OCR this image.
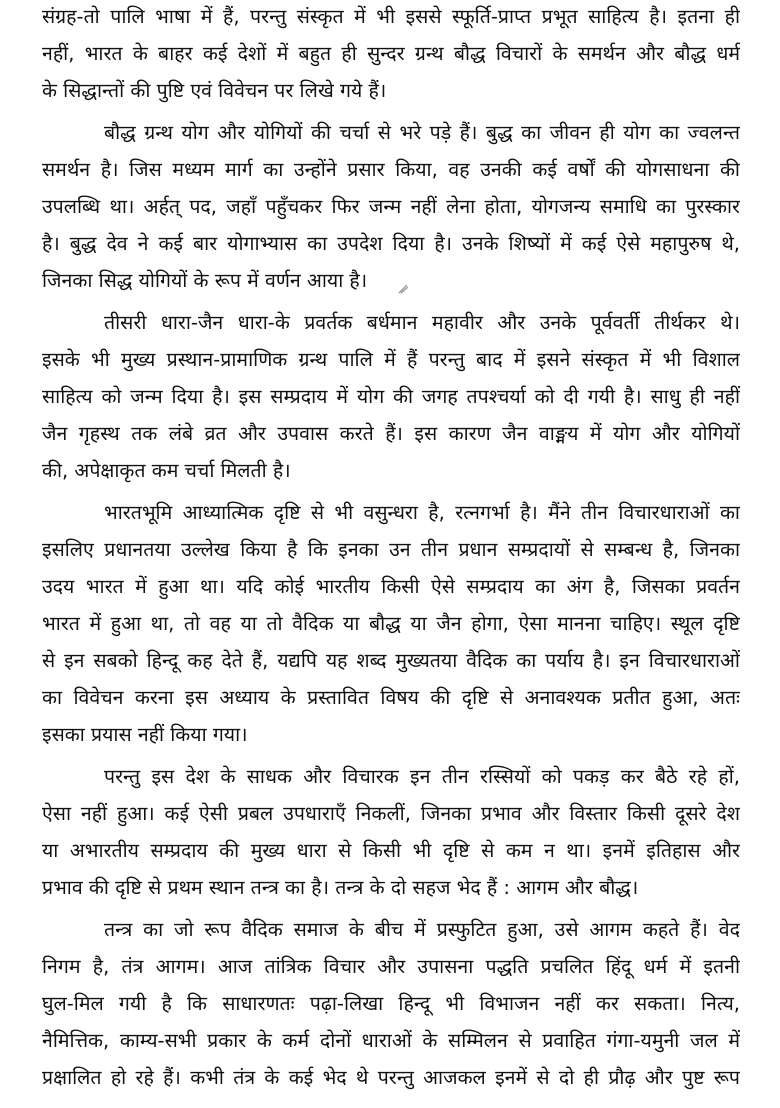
संग्रह-तो पालि भाषा में हैं, परन्तु संस्कृत में भी इससे स्फूर्ति-प्राप्त प्रभूत साहित्य है। इतना ही
नहीं, भारत के बाहर कई देशों में बहुत ही सुन्दर ग्रन्थ बौद्ध विचारों के समर्थन और बौद्ध धर्म
के सिद्धान्तों की पुष्टि एवं विवेचन पर लिखे गये हैं।
बौद्ध ग्रन्थ योग और योगियों की चर्चा से भरे पड़े हैं। बुद्ध का जीवन ही योग का ज्वलन्त
समर्थन है। जिस मध्यम मार्ग का उन्होंने प्रसार किया, वह उनकी कई वर्षों की योगसाधना की
उपलब्धि था। अर्हत् पद, जहाँ पहुँचकर फिर जन्म नहीं लेना होता, योगजन्य समाधि का पुरस्कार
है। बुद्ध देव ने कई बार योगाभ्यास का उपदेश दिया है। उनके शिष्यों में कई ऐसे महापुरुष थे,
जिनका सिद्ध योगियों के रूप में वर्णन आया है।
तीसरी धारा-जैन धारा-के प्रवर्तक बर्धमान महावीर और उनके पूर्ववर्ती तीर्थकर थे।
इसके भी मुख्य प्रस्थान-प्रामाणिक ग्रन्थ पालि में हैं परन्तु बाद में इसने संस्कृत में भी विशाल
साहित्य को जन्म दिया है। इस सम्प्रदाय में योग की जगह तपश्चर्या को दी गयी है। साधु ही नहीं
जैन गृहस्थ तक लंबे व्रत और उपवास करते हैं। इस कारण जैन वाङ्मय में योग और योगियों
की, अपेक्षाकृत कम चर्चा मिलती है।
भारतभूमि आध्यात्मिक दृष्टि से भी वसुन्धरा है, रत्नगर्भा है। मैंने तीन विचारधाराओं का
इसलिए प्रधानतया उल्लेख किया है कि इनका उन तीन प्रधान सम्प्रदायों से सम्बन्ध है, जिनका
उदय भारत में हुआ था। यदि कोई भारतीय किसी ऐसे सम्प्रदाय का अंग है, जिसका प्रवर्तन
भारत में हुआ था, तो वह या तो वैदिक या बौद्ध या जैन होगा, ऐसा मानना चाहिए। स्थूल दृष्टि
से इन सबको हिन्दू कह देते हैं, यद्यपि यह शब्द मुख्यतया वैदिक का पर्याय है। इन विचारधाराओं
का विवेचन करना इस अध्याय के प्रस्तावित विषय की दृष्टि से अनावश्यक प्रतीत हुआ, अतः
इसका प्रयास नहीं किया गया।
परन्तु इस देश के साधक और विचारक इन तीन रस्सियों को पकड़ कर बैठे रहे हों,
ऐसा नहीं हुआ। कई ऐसी प्रबल उपधाराएँ निकलीं, जिनका प्रभाव और विस्तार किसी दूसरे देश
या अभारतीय सम्प्रदाय की मुख्य धारा से किसी भी दृष्टि से कम न था। इनमें इतिहास और
प्रभाव की दृष्टि से प्रथम स्थान तन्त्र का है। तन्त्र के दो सहज भेद हैं : आगम और बौद्ध।
तन्त्र का जो रूप वैदिक समाज के बीच में प्रस्फुटित हुआ, उसे आगम कहते हैं। वेद
निगम है, तंत्र आगम। आज तांत्रिक विचार और उपासना पद्धति प्रचलित हिंदू धर्म में इतनी
घुल-मिल गयी है कि साधारणतः पढ़ा-लिखा हिन्दू भी विभाजन नहीं कर सकता। नित्य,
नैमित्तिक, काम्य-सभी प्रकार के कर्म दोनों धाराओं के सम्मिलन से प्रवाहित गंगा-यमुनी जल में
प्रक्षालित हो रहे हैं। कभी तंत्र के कई भेद थे परन्तु आजकल इनमें से दो ही प्रौढ़ और पुष्ट रूप
